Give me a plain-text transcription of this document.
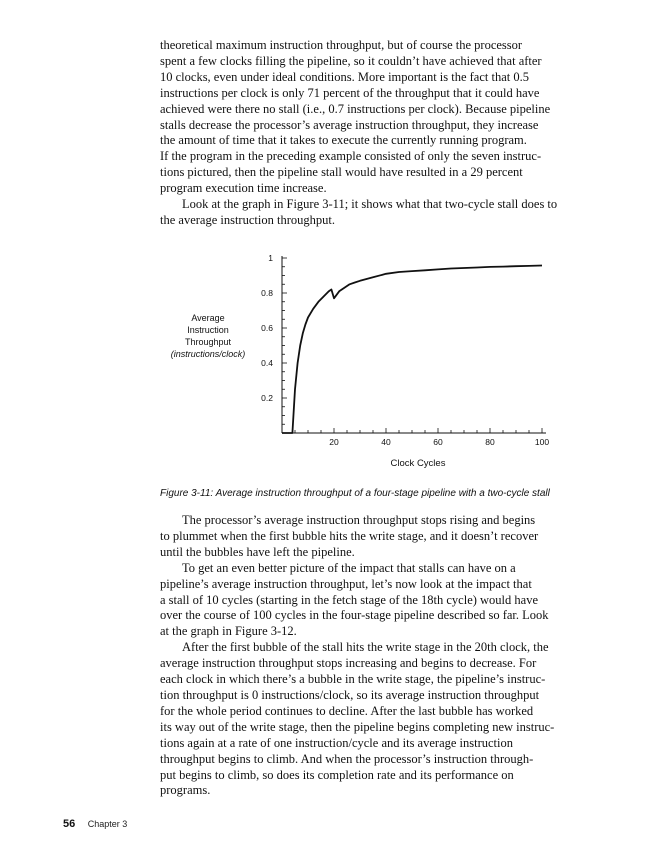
theoretical maximum instruction throughput, but of course the processor
spent a few clocks filling the pipeline, so it couldn’t have achieved that after
10 clocks, even under ideal conditions. More important is the fact that 0.5
instructions per clock is only 71 percent of the throughput that it could have
achieved were there no stall (i.e., 0.7 instructions per clock). Because pipeline
stalls decrease the processor’s average instruction throughput, they increase
the amount of time that it takes to execute the currently running program.
If the program in the preceding example consisted of only the seven instruc-
tions pictured, then the pipeline stall would have resulted in a 29 percent
program execution time increase.
Look at the graph in Figure 3-11; it shows what that two-cycle stall does to
the average instruction throughput.
Average
Instruction
Throughput
(instructions/clock)
20	40	60	80	100
0.2
0.4
0.6
0.8
1
Clock Cycles
Figure 3-11: Average instruction throughput of a four-stage pipeline with a two-cycle stall
The processor’s average instruction throughput stops rising and begins
to plummet when the first bubble hits the write stage, and it doesn’t recover
until the bubbles have left the pipeline.
To get an even better picture of the impact that stalls can have on a
pipeline’s average instruction throughput, let’s now look at the impact that
a stall of 10 cycles (starting in the fetch stage of the 18th cycle) would have
over the course of 100 cycles in the four-stage pipeline described so far. Look
at the graph in Figure 3-12.
After the first bubble of the stall hits the write stage in the 20th clock, the
average instruction throughput stops increasing and begins to decrease. For
each clock in which there’s a bubble in the write stage, the pipeline’s instruc-
tion throughput is 0 instructions/clock, so its average instruction throughput
for the whole period continues to decline. After the last bubble has worked
its way out of the write stage, then the pipeline begins completing new instruc-
tions again at a rate of one instruction/cycle and its average instruction
throughput begins to climb. And when the processor’s instruction through-
put begins to climb, so does its completion rate and its performance on
programs.
56 Chapter 3
